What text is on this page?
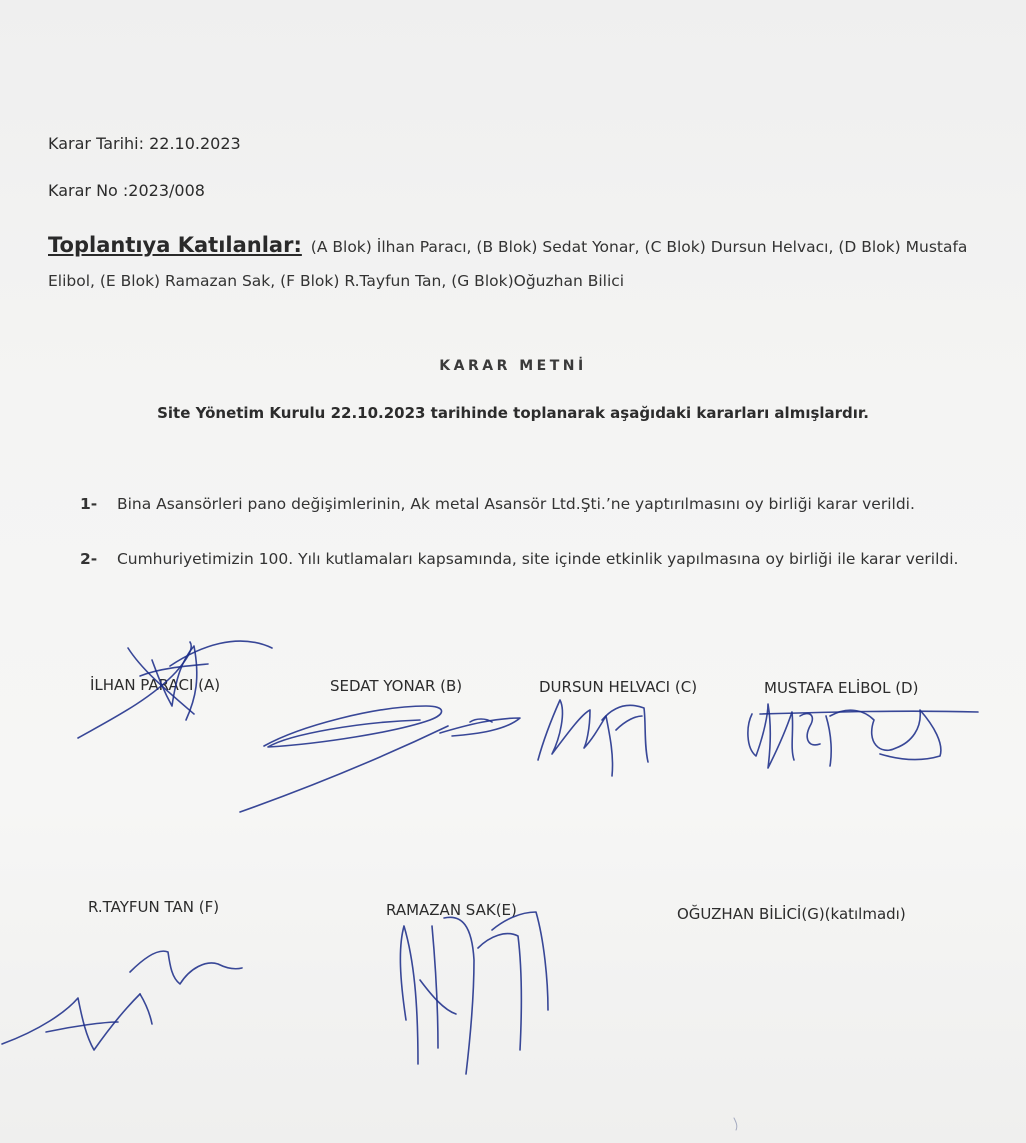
Karar Tarihi: 22.10.2023
Karar No :2023/008
Toplantıya Katılanlar: (A Blok) İlhan Paracı, (B Blok) Sedat Yonar, (C Blok) Dursun Helvacı, (D Blok) Mustafa
Elibol, (E Blok) Ramazan Sak, (F Blok) R.Tayfun Tan, (G Blok)Oğuzhan Bilici
KARAR METNİ
Site Yönetim Kurulu 22.10.2023 tarihinde toplanarak aşağıdaki kararları almışlardır.
1- Bina Asansörleri pano değişimlerinin, Ak metal Asansör Ltd.Şti.’ne yaptırılmasını oy birliği karar verildi.
2- Cumhuriyetimizin 100. Yılı kutlamaları kapsamında, site içinde etkinlik yapılmasına oy birliği ile karar verildi.
İLHAN PARACI (A)	SEDAT YONAR (B)	DURSUN HELVACI (C)	MUSTAFA ELİBOL (D)
R.TAYFUN TAN (F)	RAMAZAN SAK(E)	OĞUZHAN BİLİCİ(G)(katılmadı)
